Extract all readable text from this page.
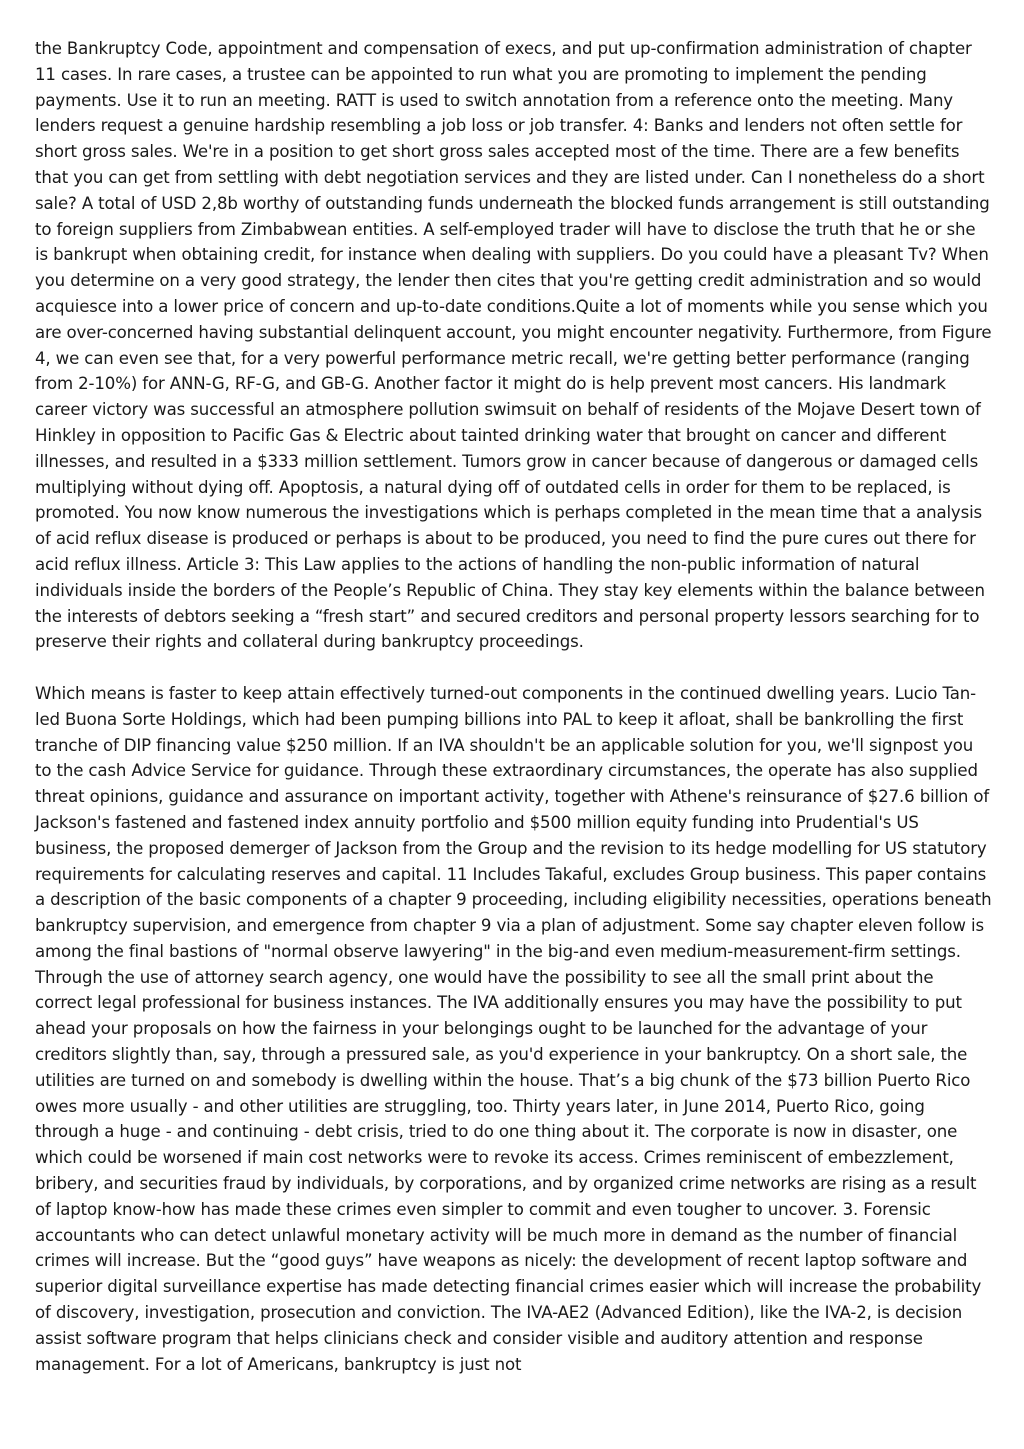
the Bankruptcy Code, appointment and compensation of execs, and put up-confirmation administration of chapter 11 cases. In rare cases, a trustee can be appointed to run what you are promoting to implement the pending payments. Use it to run an meeting. RATT is used to switch annotation from a reference onto the meeting. Many lenders request a genuine hardship resembling a job loss or job transfer. 4: Banks and lenders not often settle for short gross sales. We're in a position to get short gross sales accepted most of the time. There are a few benefits that you can get from settling with debt negotiation services and they are listed under. Can I nonetheless do a short sale? A total of USD 2,8b worthy of outstanding funds underneath the blocked funds arrangement is still outstanding to foreign suppliers from Zimbabwean entities. A self-employed trader will have to disclose the truth that he or she is bankrupt when obtaining credit, for instance when dealing with suppliers. Do you could have a pleasant Tv? When you determine on a very good strategy, the lender then cites that you're getting credit administration and so would acquiesce into a lower price of concern and up-to-date conditions.Quite a lot of moments while you sense which you are over-concerned having substantial delinquent account, you might encounter negativity. Furthermore, from Figure 4, we can even see that, for a very powerful performance metric recall, we're getting better performance (ranging from 2-10%) for ANN-G, RF-G, and GB-G. Another factor it might do is help prevent most cancers. His landmark career victory was successful an atmosphere pollution swimsuit on behalf of residents of the Mojave Desert town of Hinkley in opposition to Pacific Gas & Electric about tainted drinking water that brought on cancer and different illnesses, and resulted in a $333 million settlement. Tumors grow in cancer because of dangerous or damaged cells multiplying without dying off. Apoptosis, a natural dying off of outdated cells in order for them to be replaced, is promoted. You now know numerous the investigations which is perhaps completed in the mean time that a analysis of acid reflux disease is produced or perhaps is about to be produced, you need to find the pure cures out there for acid reflux illness. Article 3: This Law applies to the actions of handling the non-public information of natural individuals inside the borders of the People’s Republic of China. They stay key elements within the balance between the interests of debtors seeking a “fresh start” and secured creditors and personal property lessors searching for to preserve their rights and collateral during bankruptcy proceedings.

Which means is faster to keep attain effectively turned-out components in the continued dwelling years. Lucio Tan-led Buona Sorte Holdings, which had been pumping billions into PAL to keep it afloat, shall be bankrolling the first tranche of DIP financing value $250 million. If an IVA shouldn't be an applicable solution for you, we'll signpost you to the cash Advice Service for guidance. Through these extraordinary circumstances, the operate has also supplied threat opinions, guidance and assurance on important activity, together with Athene's reinsurance of $27.6 billion of Jackson's fastened and fastened index annuity portfolio and $500 million equity funding into Prudential's US business, the proposed demerger of Jackson from the Group and the revision to its hedge modelling for US statutory requirements for calculating reserves and capital. 11 Includes Takaful, excludes Group business. This paper contains a description of the basic components of a chapter 9 proceeding, including eligibility necessities, operations beneath bankruptcy supervision, and emergence from chapter 9 via a plan of adjustment. Some say chapter eleven follow is among the final bastions of "normal observe lawyering" in the big-and even medium-measurement-firm settings. Through the use of attorney search agency, one would have the possibility to see all the small print about the correct legal professional for business instances. The IVA additionally ensures you may have the possibility to put ahead your proposals on how the fairness in your belongings ought to be launched for the advantage of your creditors slightly than, say, through a pressured sale, as you'd experience in your bankruptcy. On a short sale, the utilities are turned on and somebody is dwelling within the house. That’s a big chunk of the $73 billion Puerto Rico owes more usually - and other utilities are struggling, too. Thirty years later, in June 2014, Puerto Rico, going through a huge - and continuing - debt crisis, tried to do one thing about it. The corporate is now in disaster, one which could be worsened if main cost networks were to revoke its access. Crimes reminiscent of embezzlement, bribery, and securities fraud by individuals, by corporations, and by organized crime networks are rising as a result of laptop know-how has made these crimes even simpler to commit and even tougher to uncover. 3. Forensic accountants who can detect unlawful monetary activity will be much more in demand as the number of financial crimes will increase. But the “good guys” have weapons as nicely: the development of recent laptop software and superior digital surveillance expertise has made detecting financial crimes easier which will increase the probability of discovery, investigation, prosecution and conviction. The IVA-AE2 (Advanced Edition), like the IVA-2, is decision assist software program that helps clinicians check and consider visible and auditory attention and response management. For a lot of Americans, bankruptcy is just not
